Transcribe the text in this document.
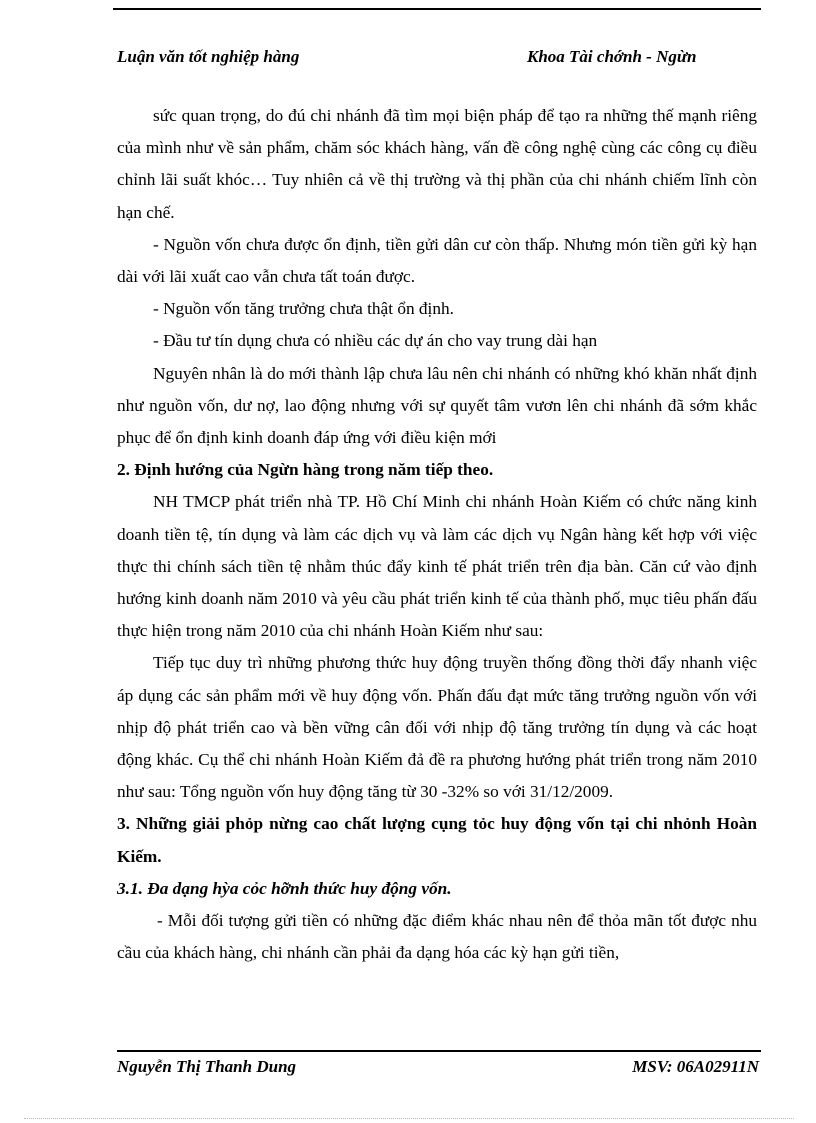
Luận văn tốt nghiệp hàng	Khoa Tài chớnh - Ngừn

sức quan trọng, do đú chi nhánh đã tìm mọi biện pháp để tạo ra những thế mạnh riêng của mình như về sản phẩm, chăm sóc khách hàng, vấn đề công nghệ cùng các công cụ điều chỉnh lãi suất khóc… Tuy nhiên cả về thị trường và thị phần của chi nhánh chiếm lĩnh còn hạn chế.

- Nguồn vốn chưa được ổn định, tiền gửi dân cư còn thấp. Nhưng món tiền gửi kỳ hạn dài với lãi xuất cao vẫn chưa tất toán được.

- Nguồn vốn tăng trưởng chưa thật ổn định.

- Đầu tư tín dụng chưa có nhiều các dự án cho vay trung dài hạn

Nguyên nhân là do mới thành lập chưa lâu nên chi nhánh có những khó khăn nhất định như nguồn vốn, dư nợ, lao động nhưng với sự quyết tâm vươn lên chi nhánh đã sớm khắc phục để ổn định kinh doanh đáp ứng với điều kiện mới

2. Định hướng của Ngừn hàng trong năm tiếp theo.

NH TMCP phát triển nhà TP. Hồ Chí Minh chi nhánh Hoàn Kiếm có chức năng kinh doanh tiền tệ, tín dụng và làm các dịch vụ và làm các dịch vụ Ngân hàng kết hợp với việc thực thi chính sách tiền tệ nhằm thúc đẩy kinh tế phát triển trên địa bàn. Căn cứ vào định hướng kinh doanh năm 2010 và yêu cầu phát triển kinh tế của thành phố, mục tiêu phấn đấu thực hiện trong năm 2010 của chi nhánh Hoàn Kiếm như sau:

Tiếp tục duy trì những phương thức huy động truyền thống đồng thời đẩy nhanh việc áp dụng các sản phẩm mới về huy động vốn. Phấn đấu đạt mức tăng trưởng nguồn vốn với nhịp độ phát triển cao và bền vững cân đối với nhịp độ tăng trưởng tín dụng và các hoạt động khác. Cụ thể chi nhánh Hoàn Kiếm đả đề ra phương hướng phát triển trong năm 2010 như sau: Tổng nguồn vốn huy động tăng từ 30 -32% so với 31/12/2009.

3. Những giải phỏp nừng cao chất lượng cụng tỏc huy động vốn tại chi nhỏnh Hoàn Kiếm.

3.1. Đa dạng hỳa cỏc hỡnh thức huy động vốn.

- Mỗi đối tượng gửi tiền có những đặc điểm khác nhau nên để thỏa mãn tốt được nhu cầu của khách hàng, chi nhánh cần phải đa dạng hóa các kỳ hạn gửi tiền,

Nguyễn Thị Thanh Dung	MSV: 06A02911N
